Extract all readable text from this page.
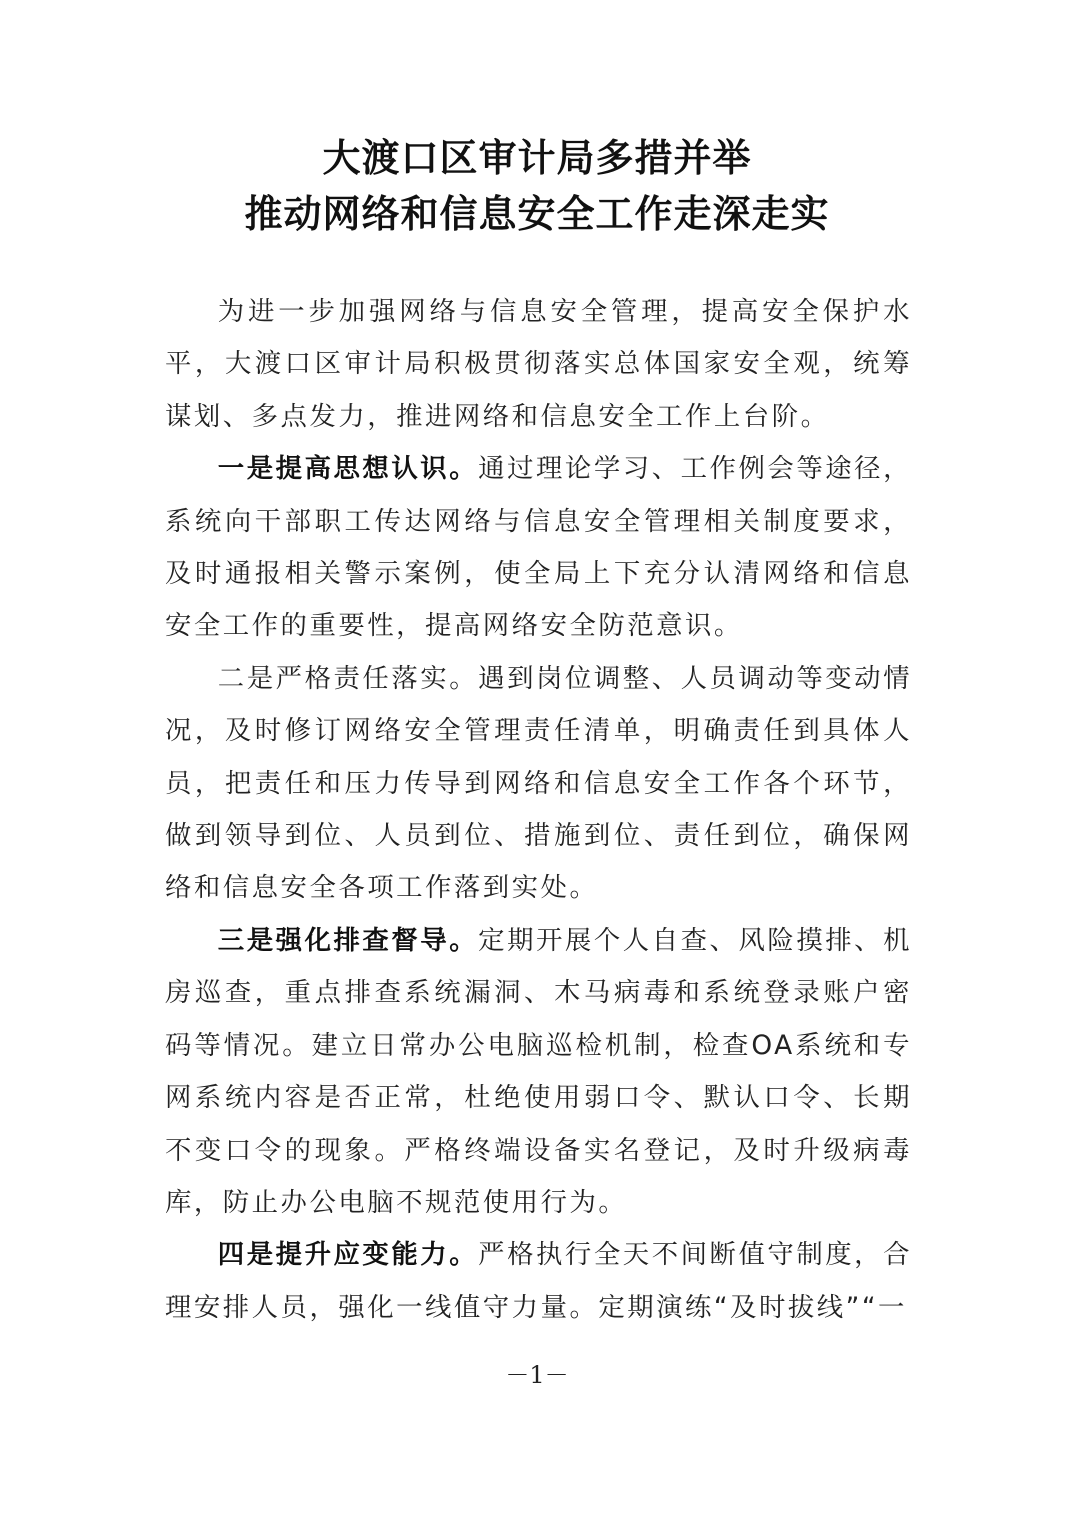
大渡口区审计局多措并举
推动网络和信息安全工作走深走实

为进一步加强网络与信息安全管理，提高安全保护水平，大渡口区审计局积极贯彻落实总体国家安全观，统筹谋划、多点发力，推进网络和信息安全工作上台阶。

一是提高思想认识。通过理论学习、工作例会等途径，系统向干部职工传达网络与信息安全管理相关制度要求，及时通报相关警示案例，使全局上下充分认清网络和信息安全工作的重要性，提高网络安全防范意识。

二是严格责任落实。遇到岗位调整、人员调动等变动情况，及时修订网络安全管理责任清单，明确责任到具体人员，把责任和压力传导到网络和信息安全工作各个环节，做到领导到位、人员到位、措施到位、责任到位，确保网络和信息安全各项工作落到实处。

三是强化排查督导。定期开展个人自查、风险摸排、机房巡查，重点排查系统漏洞、木马病毒和系统登录账户密码等情况。建立日常办公电脑巡检机制，检查OA系统和专网系统内容是否正常，杜绝使用弱口令、默认口令、长期不变口令的现象。严格终端设备实名登记，及时升级病毒库，防止办公电脑不规范使用行为。

四是提升应变能力。严格执行全天不间断值守制度，合理安排人员，强化一线值守力量。定期演练“及时拔线”“一

－1－
